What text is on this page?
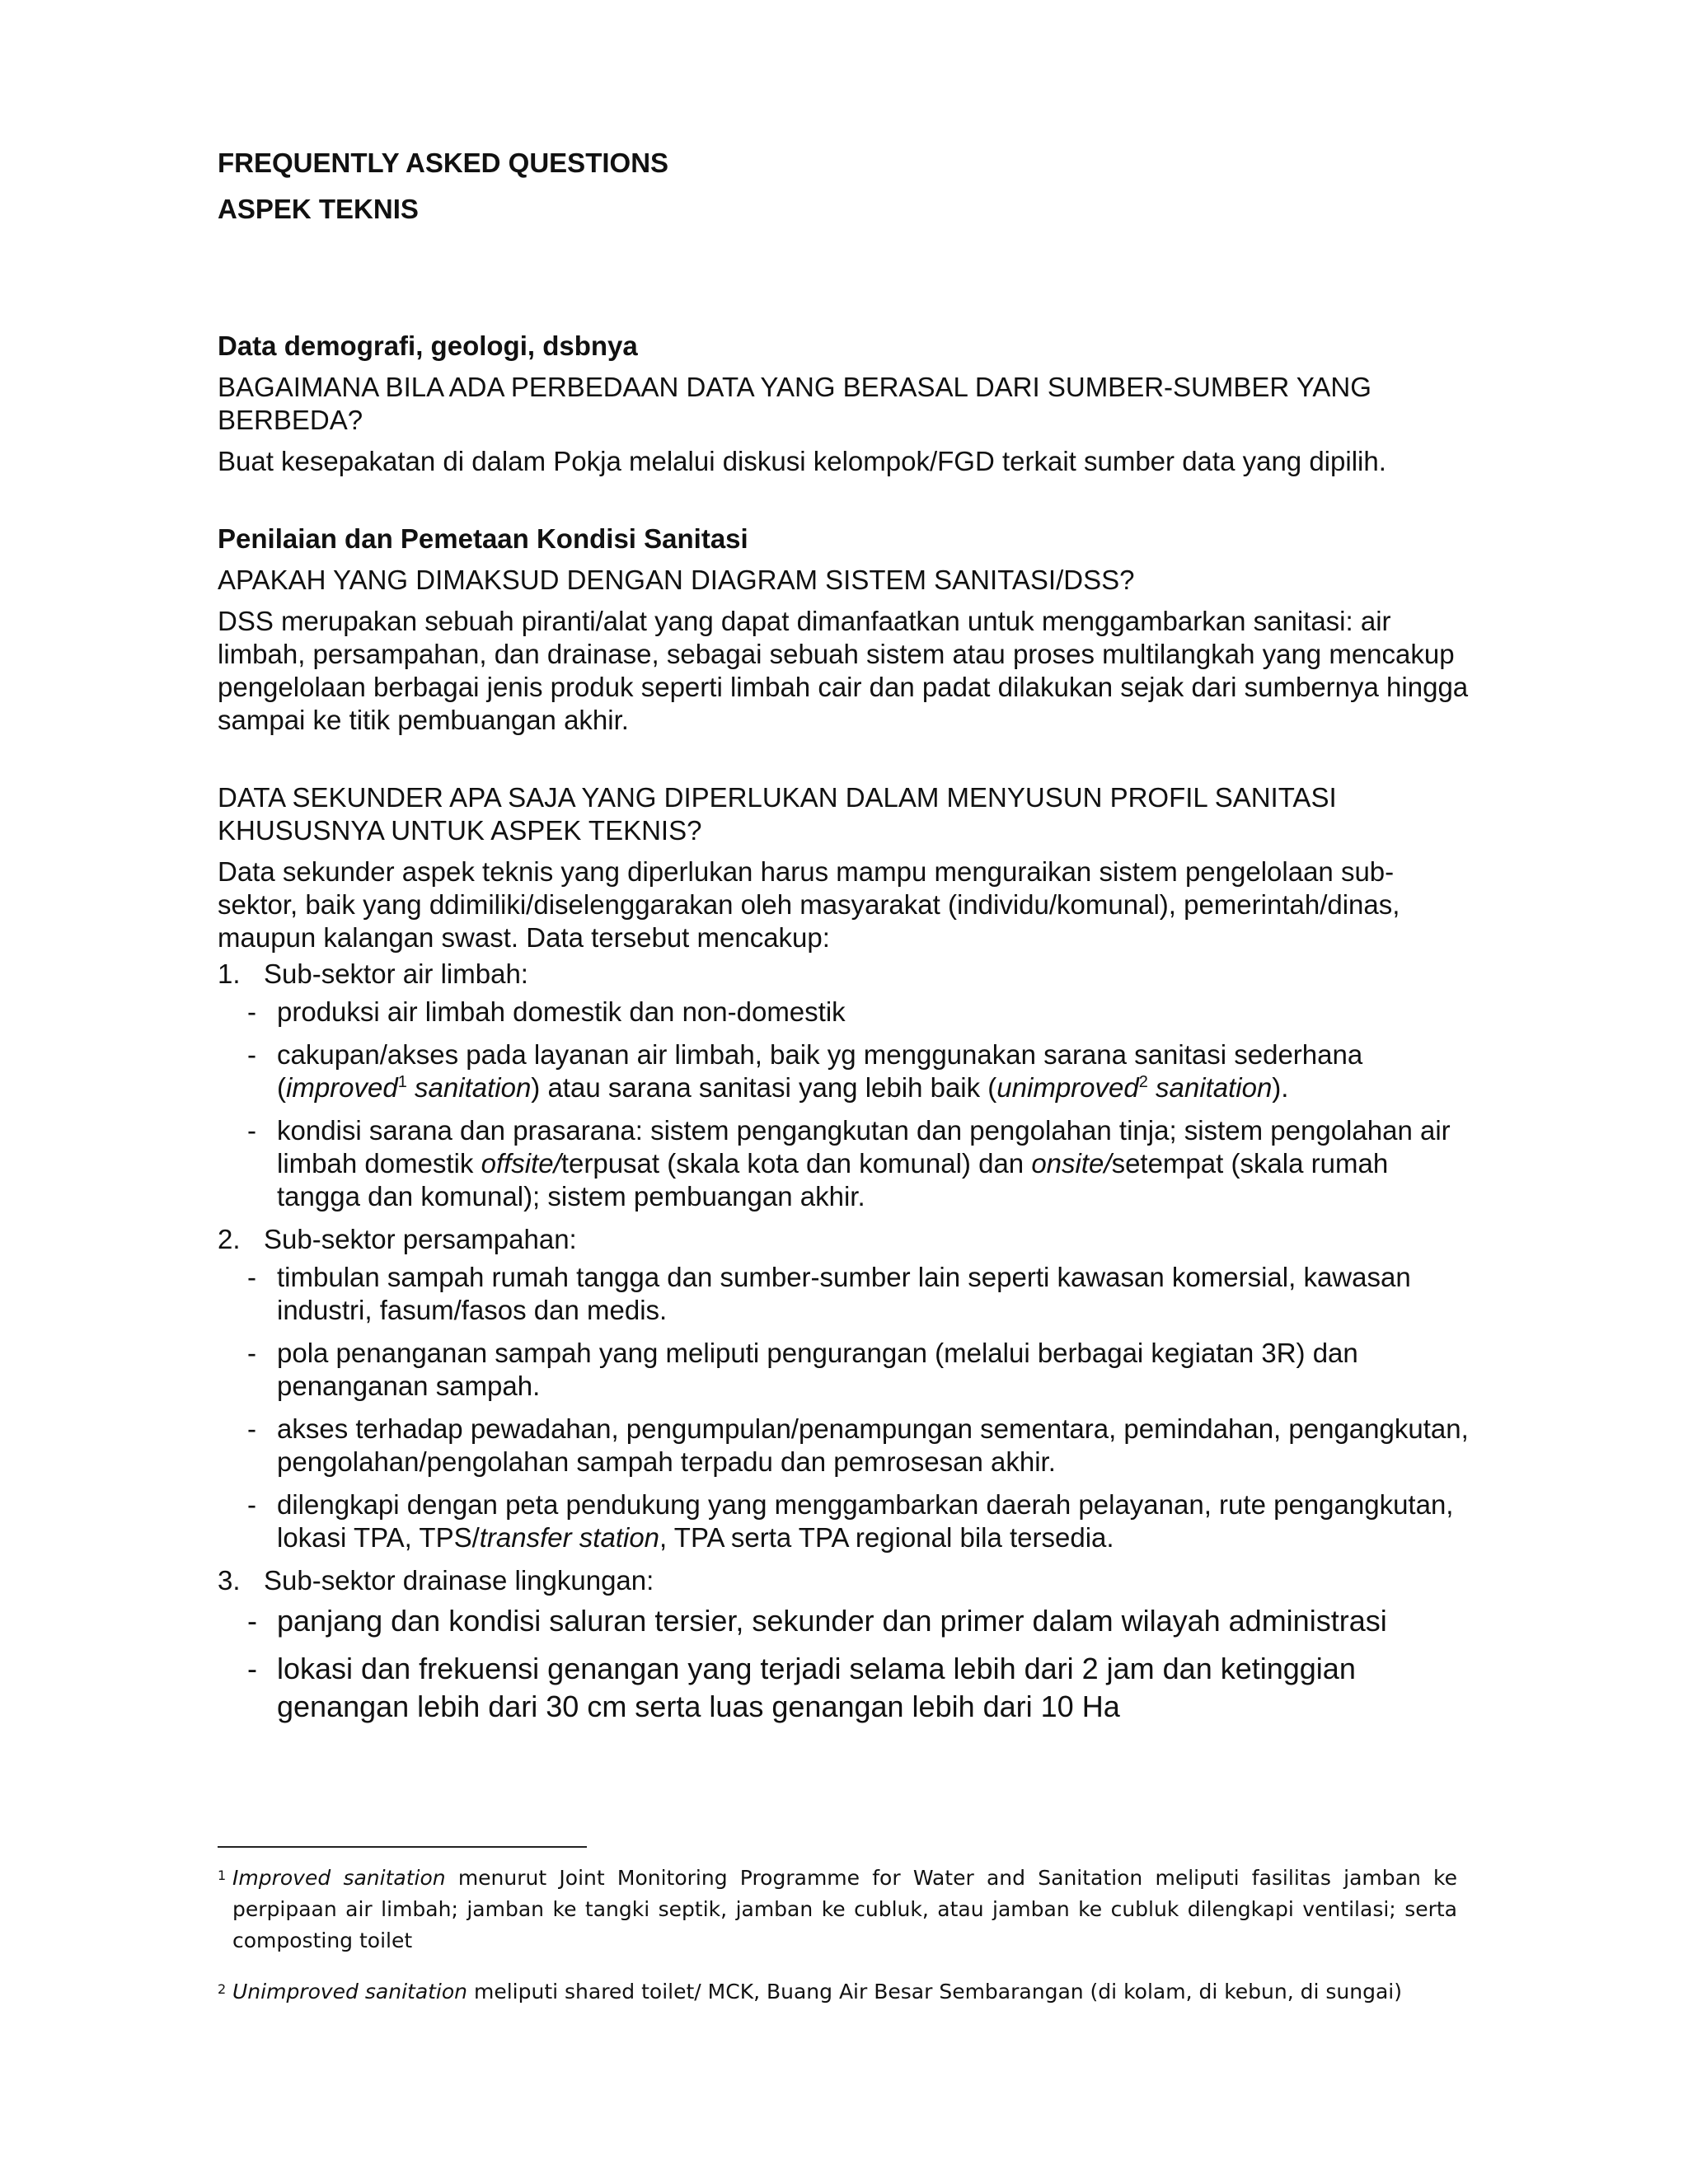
FREQUENTLY ASKED QUESTIONS
ASPEK TEKNIS
Data demografi, geologi, dsbnya
BAGAIMANA BILA ADA PERBEDAAN DATA YANG BERASAL DARI SUMBER-SUMBER YANG BERBEDA?
Buat kesepakatan di dalam Pokja melalui diskusi kelompok/FGD terkait sumber data yang dipilih.
Penilaian dan Pemetaan Kondisi Sanitasi
APAKAH YANG DIMAKSUD DENGAN DIAGRAM SISTEM SANITASI/DSS?
DSS merupakan sebuah piranti/alat yang dapat dimanfaatkan untuk menggambarkan sanitasi: air limbah, persampahan, dan drainase, sebagai sebuah sistem atau proses multilangkah yang mencakup pengelolaan berbagai jenis produk seperti limbah cair dan padat dilakukan sejak dari sumbernya hingga sampai ke titik pembuangan akhir.
DATA SEKUNDER APA SAJA YANG DIPERLUKAN DALAM MENYUSUN PROFIL SANITASI KHUSUSNYA UNTUK ASPEK TEKNIS?
Data sekunder aspek teknis yang diperlukan harus mampu menguraikan sistem pengelolaan sub-sektor, baik yang ddimiliki/diselenggarakan oleh masyarakat (individu/komunal), pemerintah/dinas, maupun kalangan swast. Data tersebut mencakup:
1. Sub-sektor air limbah:
- produksi air limbah domestik dan non-domestik
- cakupan/akses pada layanan air limbah, baik yg menggunakan sarana sanitasi sederhana (improved$^1$ sanitation) atau sarana sanitasi yang lebih baik (unimproved$^2$ sanitation).
- kondisi sarana dan prasarana: sistem pengangkutan dan pengolahan tinja; sistem pengolahan air limbah domestik offsite/terpusat (skala kota dan komunal) dan onsite/setempat (skala rumah tangga dan komunal); sistem pembuangan akhir.
2. Sub-sektor persampahan:
- timbulan sampah rumah tangga dan sumber-sumber lain seperti kawasan komersial, kawasan industri, fasum/fasos dan medis.
- pola penanganan sampah yang meliputi pengurangan (melalui berbagai kegiatan 3R) dan penanganan sampah.
- akses terhadap pewadahan, pengumpulan/penampungan sementara, pemindahan, pengangkutan, pengolahan/pengolahan sampah terpadu dan pemrosesan akhir.
- dilengkapi dengan peta pendukung yang menggambarkan daerah pelayanan, rute pengangkutan, lokasi TPA, TPS/transfer station, TPA serta TPA regional bila tersedia.
3. Sub-sektor drainase lingkungan:
- panjang dan kondisi saluran tersier, sekunder dan primer dalam wilayah administrasi
- lokasi dan frekuensi genangan yang terjadi selama lebih dari 2 jam dan ketinggian genangan lebih dari 30 cm serta luas genangan lebih dari 10 Ha
1 Improved sanitation menurut Joint Monitoring Programme for Water and Sanitation meliputi fasilitas jamban ke perpipaan air limbah; jamban ke tangki septik, jamban ke cubluk, atau jamban ke cubluk dilengkapi ventilasi; serta composting toilet
2 Unimproved sanitation meliputi shared toilet/ MCK, Buang Air Besar Sembarangan (di kolam, di kebun, di sungai)
